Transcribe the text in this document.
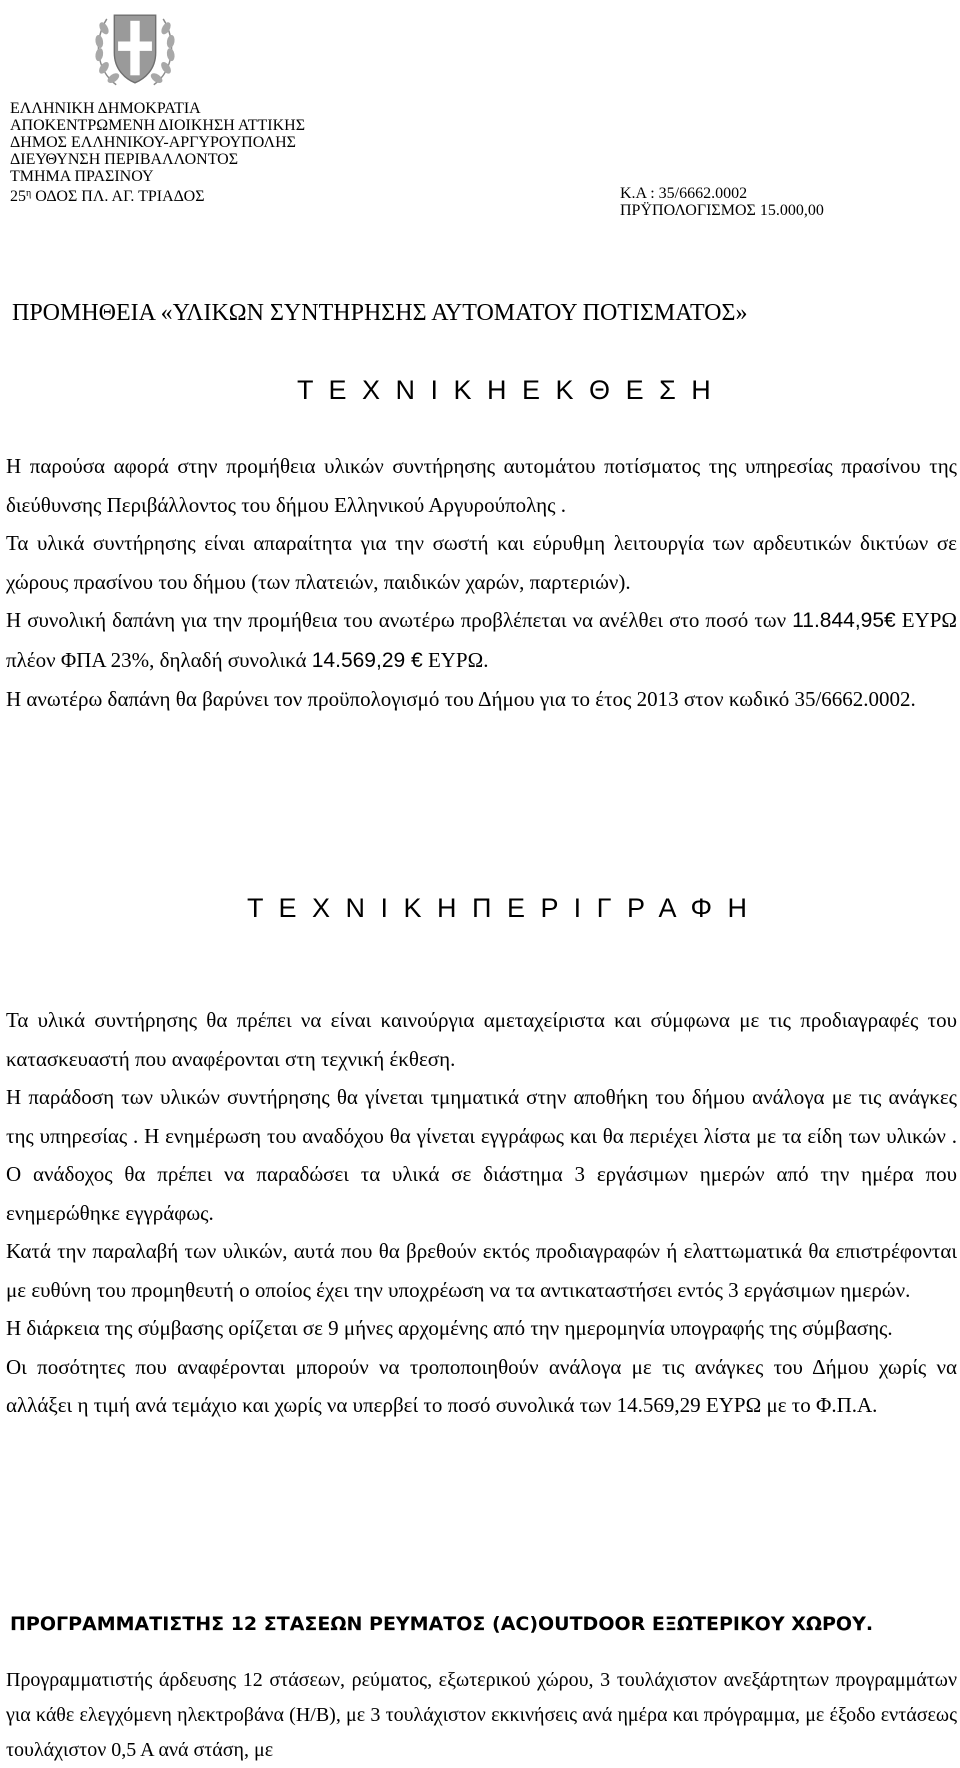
ΕΛΛΗΝΙΚΗ ΔΗΜΟΚΡΑΤΙΑ
ΑΠΟΚΕΝΤΡΩΜΕΝΗ ΔΙΟΙΚΗΣΗ ΑΤΤΙΚΗΣ
ΔΗΜΟΣ ΕΛΛΗΝΙΚΟΥ-ΑΡΓΥΡΟΥΠΟΛΗΣ
ΔΙΕΥΘΥΝΣΗ ΠΕΡΙΒΑΛΛΟΝΤΟΣ
ΤΜΗΜΑ ΠΡΑΣΙΝΟΥ
$25^\eta$ ΟΔΟΣ ΠΛ. ΑΓ. ΤΡΙΑΔΟΣ	Κ.Α : 35/6662.0002
ΠΡΫΠΟΛΟΓΙΣΜΟΣ 15.000,00
ΠΡΟΜΗΘΕΙΑ «ΥΛΙΚΩΝ ΣΥΝΤΗΡΗΣΗΣ ΑΥΤΟΜΑΤΟΥ ΠΟΤΙΣΜΑΤΟΣ»
Τ Ε Χ Ν Ι Κ Η Ε Κ Θ Ε Σ Η

Η παρούσα αφορά στην προμήθεια υλικών συντήρησης αυτομάτου ποτίσματος της υπηρεσίας πρασίνου της διεύθυνσης Περιβάλλοντος του δήμου Ελληνικού Αργυρούπολης .

Τα υλικά συντήρησης είναι απαραίτητα για την σωστή και εύρυθμη λειτουργία των αρδευτικών δικτύων σε χώρους πρασίνου του δήμου (των πλατειών, παιδικών χαρών, παρτεριών).

Η συνολική δαπάνη για την προμήθεια του ανωτέρω προβλέπεται να ανέλθει στο ποσό των 11.844,95€ ΕΥΡΩ πλέον ΦΠΑ 23%, δηλαδή συνολικά 14.569,29 € ΕΥΡΩ.

Η ανωτέρω δαπάνη θα βαρύνει τον προϋπολογισμό του Δήμου για το έτος 2013 στον κωδικό 35/6662.0002.

Τ Ε Χ Ν Ι Κ Η Π Ε Ρ Ι Γ Ρ Α Φ Η

Τα υλικά συντήρησης θα πρέπει να είναι καινούργια αμεταχείριστα και σύμφωνα με τις προδιαγραφές του κατασκευαστή που αναφέρονται στη τεχνική έκθεση.

Η παράδοση των υλικών συντήρησης θα γίνεται τμηματικά στην αποθήκη του δήμου ανάλογα με τις ανάγκες της υπηρεσίας . Η ενημέρωση του αναδόχου θα γίνεται εγγράφως και θα περιέχει λίστα με τα είδη των υλικών . Ο ανάδοχος θα πρέπει να παραδώσει τα υλικά σε διάστημα 3 εργάσιμων ημερών από την ημέρα που ενημερώθηκε εγγράφως.

Κατά την παραλαβή των υλικών, αυτά που θα βρεθούν εκτός προδιαγραφών ή ελαττωματικά θα επιστρέφονται με ευθύνη του προμηθευτή ο οποίος έχει την υποχρέωση να τα αντικαταστήσει εντός 3 εργάσιμων ημερών.

Η διάρκεια της σύμβασης ορίζεται σε 9 μήνες αρχομένης από την ημερομηνία υπογραφής της σύμβασης.

Οι ποσότητες που αναφέρονται μπορούν να τροποποιηθούν ανάλογα με τις ανάγκες του Δήμου χωρίς να αλλάξει η τιμή ανά τεμάχιο και χωρίς να υπερβεί το ποσό συνολικά των 14.569,29 ΕΥΡΩ με το Φ.Π.Α.

ΠΡΟΓΡΑΜΜΑΤΙΣΤΗΣ 12 ΣΤΑΣΕΩΝ ΡΕΥΜΑΤΟΣ (AC)OUTDOOR ΕΞΩΤΕΡΙΚΟΥ ΧΩΡΟΥ.

Προγραμματιστής άρδευσης 12 στάσεων, ρεύματος, εξωτερικού χώρου, 3 τουλάχιστον ανεξάρτητων προγραμμάτων για κάθε ελεγχόμενη ηλεκτροβάνα (Η/Β), με 3 τουλάχιστον εκκινήσεις ανά ημέρα και πρόγραμμα, με έξοδο εντάσεως τουλάχιστον 0,5 Α ανά στάση, με
